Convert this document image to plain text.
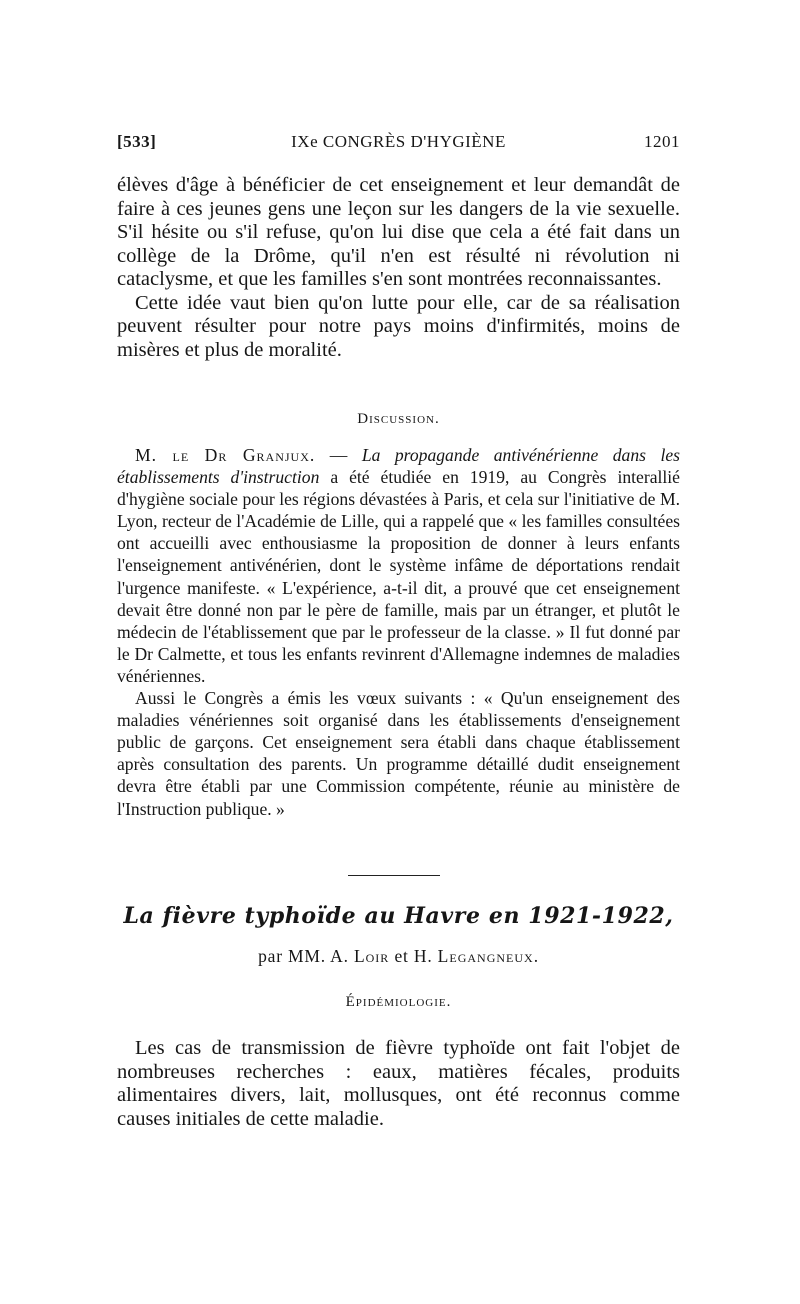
[533]	IXe CONGRÈS D'HYGIÈNE	1201

élèves d'âge à bénéficier de cet enseignement et leur demandât de faire à ces jeunes gens une leçon sur les dangers de la vie sexuelle. S'il hésite ou s'il refuse, qu'on lui dise que cela a été fait dans un collège de la Drôme, qu'il n'en est résulté ni révolution ni cataclysme, et que les familles s'en sont montrées reconnaissantes.

Cette idée vaut bien qu'on lutte pour elle, car de sa réalisation peuvent résulter pour notre pays moins d'infirmités, moins de misères et plus de moralité.

Discussion.

M. le Dr Granjux. — La propagande antivénérienne dans les établissements d'instruction a été étudiée en 1919, au Congrès interallié d'hygiène sociale pour les régions dévastées à Paris, et cela sur l'initiative de M. Lyon, recteur de l'Académie de Lille, qui a rappelé que « les familles consultées ont accueilli avec enthousiasme la proposition de donner à leurs enfants l'enseignement antivénérien, dont le système infâme de déportations rendait l'urgence manifeste. « L'expérience, a-t-il dit, a prouvé que cet enseignement devait être donné non par le père de famille, mais par un étranger, et plutôt le médecin de l'établissement que par le professeur de la classe. » Il fut donné par le Dr Calmette, et tous les enfants revinrent d'Allemagne indemnes de maladies vénériennes.

Aussi le Congrès a émis les vœux suivants : « Qu'un enseignement des maladies vénériennes soit organisé dans les établissements d'enseignement public de garçons. Cet enseignement sera établi dans chaque établissement après consultation des parents. Un programme détaillé dudit enseignement devra être établi par une Commission compétente, réunie au ministère de l'Instruction publique. »

La fièvre typhoïde au Havre en 1921-1922,
par MM. A. Loir et H. Legangneux.
Épidémiologie.

Les cas de transmission de fièvre typhoïde ont fait l'objet de nombreuses recherches : eaux, matières fécales, produits alimentaires divers, lait, mollusques, ont été reconnus comme causes initiales de cette maladie.
